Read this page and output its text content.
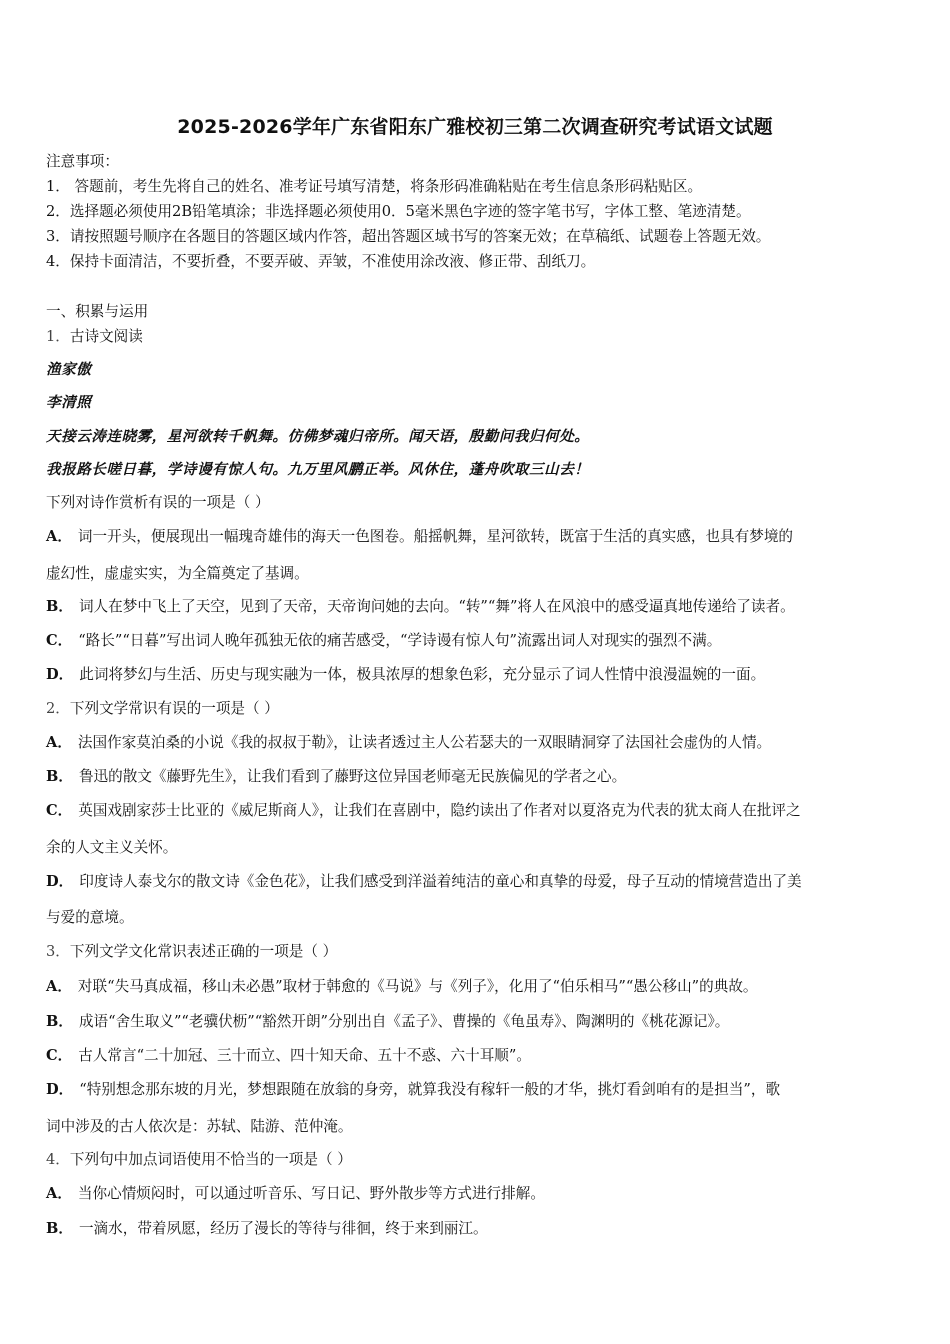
2025-2026学年广东省阳东广雅校初三第二次调查研究考试语文试题
注意事项：
1． 答题前，考生先将自己的姓名、准考证号填写清楚，将条形码准确粘贴在考生信息条形码粘贴区。
2．选择题必须使用2B铅笔填涂；非选择题必须使用0．5毫米黑色字迹的签字笔书写，字体工整、笔迹清楚。
3．请按照题号顺序在各题目的答题区域内作答，超出答题区域书写的答案无效；在草稿纸、试题卷上答题无效。
4．保持卡面清洁，不要折叠，不要弄破、弄皱，不准使用涂改液、修正带、刮纸刀。
一、积累与运用
1．古诗文阅读
渔家傲
李清照
天接云涛连晓雾，星河欲转千帆舞。仿佛梦魂归帝所。闻天语，殷勤问我归何处。
我报路长嗟日暮，学诗谩有惊人句。九万里风鹏正举。风休住，蓬舟吹取三山去！
下列对诗作赏析有误的一项是（ ）
A． 词一开头，便展现出一幅瑰奇雄伟的海天一色图卷。船摇帆舞，星河欲转，既富于生活的真实感，也具有梦境的
虚幻性，虚虚实实，为全篇奠定了基调。
B． 词人在梦中飞上了天空，见到了天帝，天帝询问她的去向。“转”“舞”将人在风浪中的感受逼真地传递给了读者。
C． “路长”“日暮”写出词人晚年孤独无依的痛苦感受，“学诗谩有惊人句”流露出词人对现实的强烈不满。
D． 此词将梦幻与生活、历史与现实融为一体，极具浓厚的想象色彩，充分显示了词人性情中浪漫温婉的一面。
2．下列文学常识有误的一项是（ ）
A． 法国作家莫泊桑的小说《我的叔叔于勒》，让读者透过主人公若瑟夫的一双眼睛洞穿了法国社会虚伪的人情。
B． 鲁迅的散文《藤野先生》，让我们看到了藤野这位异国老师毫无民族偏见的学者之心。
C． 英国戏剧家莎士比亚的《威尼斯商人》，让我们在喜剧中，隐约读出了作者对以夏洛克为代表的犹太商人在批评之
余的人文主义关怀。
D． 印度诗人泰戈尔的散文诗《金色花》，让我们感受到洋溢着纯洁的童心和真挚的母爱，母子互动的情境营造出了美
与爱的意境。
3．下列文学文化常识表述正确的一项是（ ）
A． 对联“失马真成福，移山未必愚”取材于韩愈的《马说》与《列子》，化用了“伯乐相马”“愚公移山”的典故。
B． 成语“舍生取义”“老骥伏枥”“豁然开朗”分别出自《孟子》、曹操的《龟虽寿》、陶渊明的《桃花源记》。
C． 古人常言“二十加冠、三十而立、四十知天命、五十不惑、六十耳顺”。
D． “特别想念那东坡的月光，梦想跟随在放翁的身旁，就算我没有稼轩一般的才华，挑灯看剑咱有的是担当”，歌
词中涉及的古人依次是：苏轼、陆游、范仲淹。
4．下列句中加点词语使用不恰当的一项是（ ）
A． 当你心情烦闷时，可以通过听音乐、写日记、野外散步等方式进行排解。
B． 一滴水，带着夙愿，经历了漫长的等待与徘徊，终于来到丽江。
